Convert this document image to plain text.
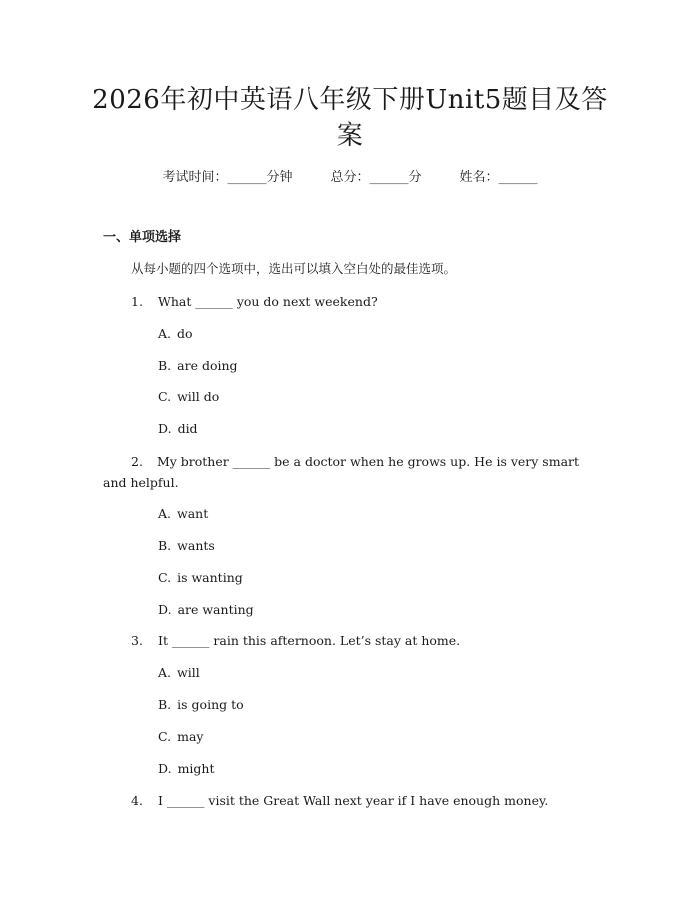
2026年初中英语八年级下册Unit5题目及答案
考试时间：______分钟	总分：______分	姓名：______
一、单项选择
从每小题的四个选项中，选出可以填入空白处的最佳选项。
1. What ______ you do next weekend?
A. do
B. are doing
C. will do
D. did
2. My brother ______ be a doctor when he grows up. He is very smart and helpful.
A. want
B. wants
C. is wanting
D. are wanting
3. It ______ rain this afternoon. Let’s stay at home.
A. will
B. is going to
C. may
D. might
4. I ______ visit the Great Wall next year if I have enough money.
